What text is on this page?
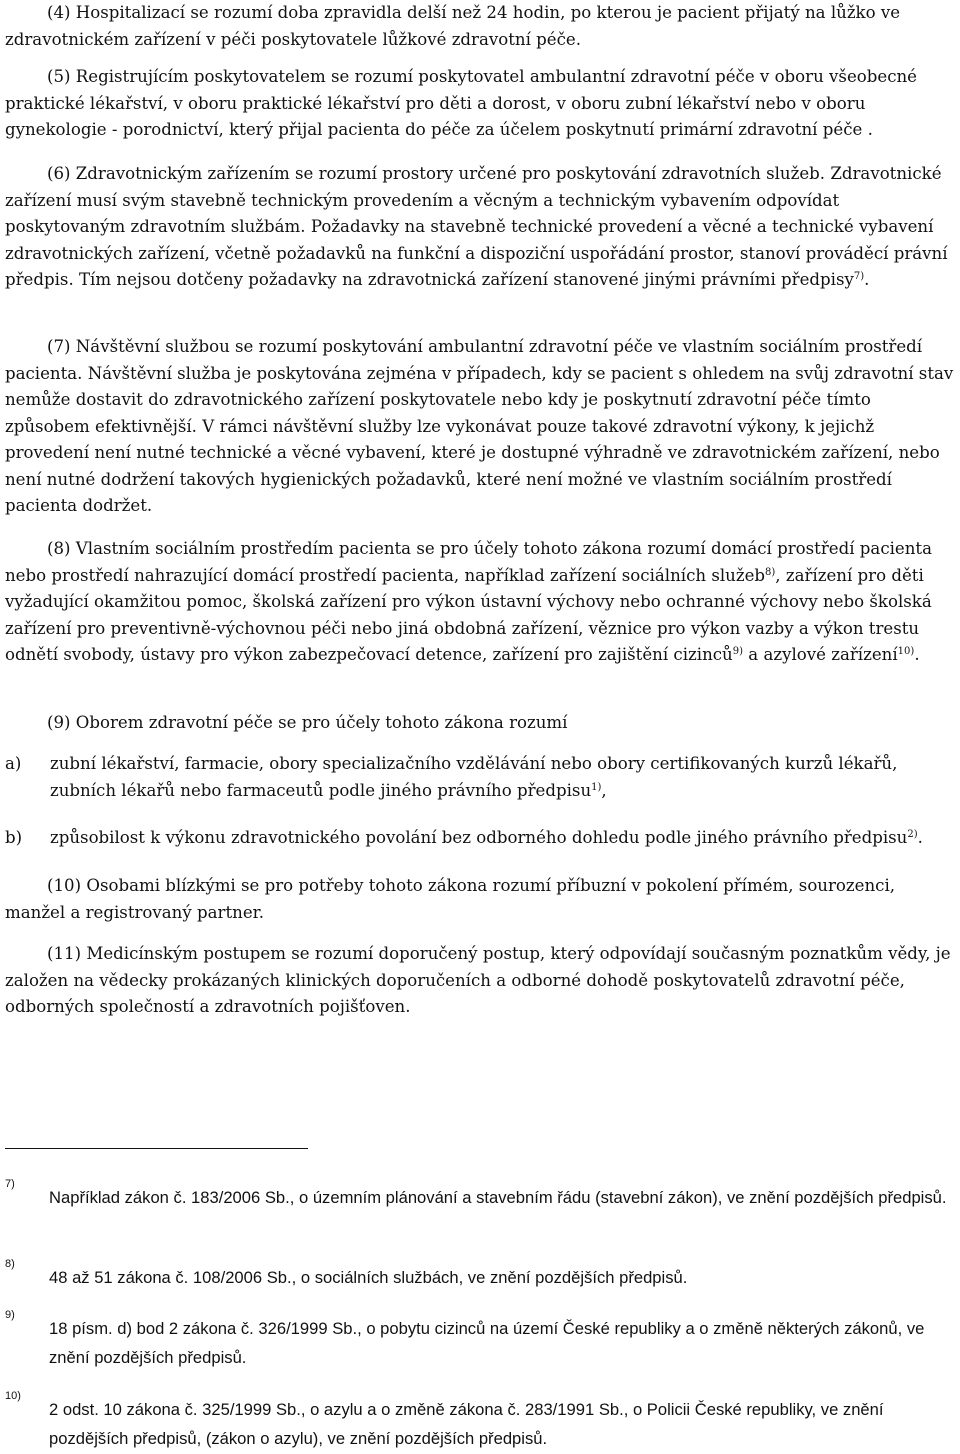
(4) Hospitalizací se rozumí doba zpravidla delší než 24 hodin, po kterou je pacient přijatý na lůžko ve zdravotnickém zařízení v péči poskytovatele lůžkové zdravotní péče.

(5) Registrujícím poskytovatelem se rozumí poskytovatel ambulantní zdravotní péče v oboru všeobecné praktické lékařství, v oboru praktické lékařství pro děti a dorost, v oboru zubní lékařství nebo v oboru gynekologie - porodnictví, který přijal pacienta do péče za účelem poskytnutí primární zdravotní péče .

(6) Zdravotnickým zařízením se rozumí prostory určené pro poskytování zdravotních služeb. Zdravotnické zařízení musí svým stavebně technickým provedením a věcným a technickým vybavením odpovídat poskytovaným zdravotním službám. Požadavky na stavebně technické provedení a věcné a technické vybavení zdravotnických zařízení, včetně požadavků na funkční a dispoziční uspořádání prostor, stanoví prováděcí právní předpis. Tím nejsou dotčeny požadavky na zdravotnická zařízení stanovené jinými právními předpisy$^{7)}$.

(7) Návštěvní službou se rozumí poskytování ambulantní zdravotní péče ve vlastním sociálním prostředí pacienta. Návštěvní služba je poskytována zejména v případech, kdy se pacient s ohledem na svůj zdravotní stav nemůže dostavit do zdravotnického zařízení poskytovatele nebo kdy je poskytnutí zdravotní péče tímto způsobem efektivnější. V rámci návštěvní služby lze vykonávat pouze takové zdravotní výkony, k jejichž provedení není nutné technické a věcné vybavení, které je dostupné výhradně ve zdravotnickém zařízení, nebo není nutné dodržení takových hygienických požadavků, které není možné ve vlastním sociálním prostředí pacienta dodržet.

(8) Vlastním sociálním prostředím pacienta se pro účely tohoto zákona rozumí domácí prostředí pacienta nebo prostředí nahrazující domácí prostředí pacienta, například zařízení sociálních služeb$^{8)}$, zařízení pro děti vyžadující okamžitou pomoc, školská zařízení pro výkon ústavní výchovy nebo ochranné výchovy nebo školská zařízení pro preventivně-výchovnou péči nebo jiná obdobná zařízení, věznice pro výkon vazby a výkon trestu odnětí svobody, ústavy pro výkon zabezpečovací detence, zařízení pro zajištění cizinců$^{9)}$ a azylové zařízení$^{10)}$.

(9) Oborem zdravotní péče se pro účely tohoto zákona rozumí

a)	zubní lékařství, farmacie, obory specializačního vzdělávání nebo obory certifikovaných kurzů lékařů, zubních lékařů nebo farmaceutů podle jiného právního předpisu$^{1)}$,
b)	způsobilost k výkonu zdravotnického povolání bez odborného dohledu podle jiného právního předpisu$^{2)}$.

(10) Osobami blízkými se pro potřeby tohoto zákona rozumí příbuzní v pokolení přímém, sourozenci, manžel a registrovaný partner.

(11) Medicínským postupem se rozumí doporučený postup, který odpovídají současným poznatkům vědy, je založen na vědecky prokázaných klinických doporučeních a odborné dohodě poskytovatelů zdravotní péče, odborných společností a zdravotních pojišťoven.

7)
Například zákon č. 183/2006 Sb., o územním plánování a stavebním řádu (stavební zákon), ve znění pozdějších předpisů.
8)
48 až 51 zákona č. 108/2006 Sb., o sociálních službách, ve znění pozdějších předpisů.
9)
18 písm. d) bod 2 zákona č. 326/1999 Sb., o pobytu cizinců na území České republiky a o změně některých zákonů, ve znění pozdějších předpisů.
10)
2 odst. 10 zákona č. 325/1999 Sb., o azylu a o změně zákona č. 283/1991 Sb., o Policii České republiky, ve znění pozdějších předpisů, (zákon o azylu), ve znění pozdějších předpisů.
